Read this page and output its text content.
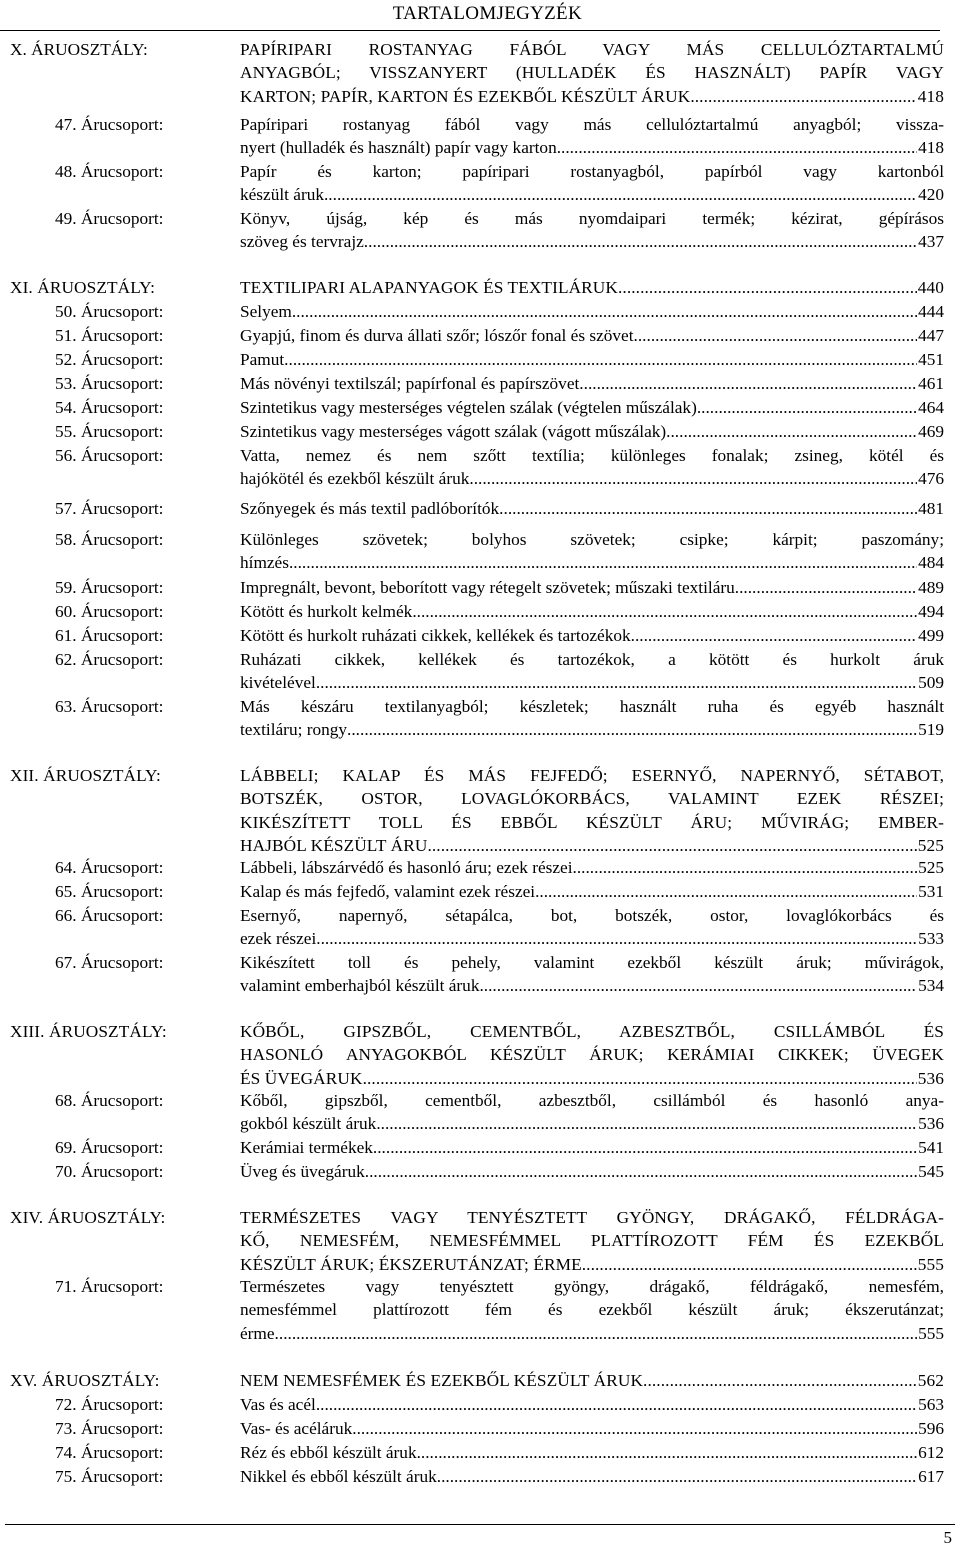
TARTALOMJEGYZÉK
X. ÁRUOSZTÁLY:	PAPÍRIPARI ROSTANYAG FÁBÓL VAGY MÁS CELLULÓZTARTALMÚ
ANYAGBÓL; VISSZANYERT (HULLADÉK ÉS HASZNÁLT) PAPÍR VAGY
KARTON; PAPÍR, KARTON ÉS EZEKBŐL KÉSZÜLT ÁRUK .....	418
47. Árucsoport:	Papíripari rostanyag fából vagy más cellulóztartalmú anyagból; vissza-
nyert (hulladék és használt) papír vagy karton .....	418
48. Árucsoport:	Papír és karton; papíripari rostanyagból, papírból vagy kartonból
készült áruk .....	420
49. Árucsoport:	Könyv, újság, kép és más nyomdaipari termék; kézirat, gépírásos
szöveg és tervrajz .....	437
XI. ÁRUOSZTÁLY:	TEXTILIPARI ALAPANYAGOK ÉS TEXTILÁRUK .....	440
50. Árucsoport:	Selyem .....	444
51. Árucsoport:	Gyapjú, finom és durva állati szőr; lószőr fonal és szövet .....	447
52. Árucsoport:	Pamut .....	451
53. Árucsoport:	Más növényi textilszál; papírfonal és papírszövet .....	461
54. Árucsoport:	Szintetikus vagy mesterséges végtelen szálak (végtelen műszálak) .....	464
55. Árucsoport:	Szintetikus vagy mesterséges vágott szálak (vágott műszálak) .....	469
56. Árucsoport:	Vatta, nemez és nem szőtt textília; különleges fonalak; zsineg, kötél és
hajókötél és ezekből készült áruk .....	476
57. Árucsoport:	Szőnyegek és más textil padlóborítók .....	481
58. Árucsoport:	Különleges szövetek; bolyhos szövetek; csipke; kárpit; paszomány;
hímzés .....	484
59. Árucsoport:	Impregnált, bevont, beborított vagy rétegelt szövetek; műszaki textiláru .....	489
60. Árucsoport:	Kötött és hurkolt kelmék .....	494
61. Árucsoport:	Kötött és hurkolt ruházati cikkek, kellékek és tartozékok .....	499
62. Árucsoport:	Ruházati cikkek, kellékek és tartozékok, a kötött és hurkolt áruk
kivételével .....	509
63. Árucsoport:	Más készáru textilanyagból; készletek; használt ruha és egyéb használt
textiláru; rongy .....	519
XII. ÁRUOSZTÁLY:	LÁBBELI; KALAP ÉS MÁS FEJFEDŐ; ESERNYŐ, NAPERNYŐ, SÉTABOT,
BOTSZÉK, OSTOR, LOVAGLÓKORBÁCS, VALAMINT EZEK RÉSZEI;
KIKÉSZÍTETT TOLL ÉS EBBŐL KÉSZÜLT ÁRU; MŰVIRÁG; EMBER-
HAJBÓL KÉSZÜLT ÁRU .....	525
64. Árucsoport:	Lábbeli, lábszárvédő és hasonló áru; ezek részei .....	525
65. Árucsoport:	Kalap és más fejfedő, valamint ezek részei .....	531
66. Árucsoport:	Esernyő, napernyő, sétapálca, bot, botszék, ostor, lovaglókorbács és
ezek részei .....	533
67. Árucsoport:	Kikészített toll és pehely, valamint ezekből készült áruk; művirágok,
valamint emberhajból készült áruk .....	534
XIII. ÁRUOSZTÁLY:	KŐBŐL, GIPSZBŐL, CEMENTBŐL, AZBESZTBŐL, CSILLÁMBÓL ÉS
HASONLÓ ANYAGOKBÓL KÉSZÜLT ÁRUK; KERÁMIAI CIKKEK; ÜVEGEK
ÉS ÜVEGÁRUK .....	536
68. Árucsoport:	Kőből, gipszből, cementből, azbesztből, csillámból és hasonló anya-
gokból készült áruk .....	536
69. Árucsoport:	Kerámiai termékek .....	541
70. Árucsoport:	Üveg és üvegáruk .....	545
XIV. ÁRUOSZTÁLY:	TERMÉSZETES VAGY TENYÉSZTETT GYÖNGY, DRÁGAKŐ, FÉLDRÁGA-
KŐ, NEMESFÉM, NEMESFÉMMEL PLATTÍROZOTT FÉM ÉS EZEKBŐL
KÉSZÜLT ÁRUK; ÉKSZERUTÁNZAT; ÉRME .....	555
71. Árucsoport:	Természetes vagy tenyésztett gyöngy, drágakő, féldrágakő, nemesfém,
nemesfémmel plattírozott fém és ezekből készült áruk; ékszerutánzat;
érme .....	555
XV. ÁRUOSZTÁLY:	NEM NEMESFÉMEK ÉS EZEKBŐL KÉSZÜLT ÁRUK .....	562
72. Árucsoport:	Vas és acél .....	563
73. Árucsoport:	Vas- és acéláruk .....	596
74. Árucsoport:	Réz és ebből készült áruk .....	612
75. Árucsoport:	Nikkel és ebből készült áruk .....	617
5
